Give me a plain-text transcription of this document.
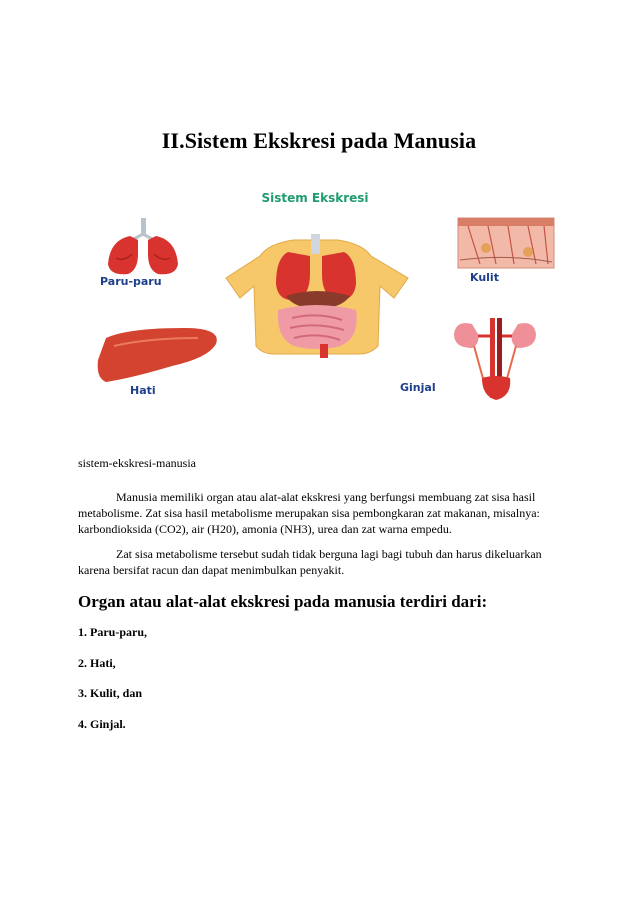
II.Sistem Ekskresi pada Manusia
Sistem Ekskresi
Paru-paru	Kulit
Hati	Ginjal

sistem-ekskresi-manusia

Manusia memiliki organ atau alat-alat ekskresi yang berfungsi membuang zat sisa hasil metabolisme. Zat sisa hasil metabolisme merupakan sisa pembongkaran zat makanan, misalnya: karbondioksida (CO2), air (H20), amonia (NH3), urea dan zat warna empedu.

Zat sisa metabolisme tersebut sudah tidak berguna lagi bagi tubuh dan harus dikeluarkan karena bersifat racun dan dapat menimbulkan penyakit.

Organ atau alat-alat ekskresi pada manusia terdiri dari:
1. Paru-paru,
2. Hati,
3. Kulit, dan
4. Ginjal.
